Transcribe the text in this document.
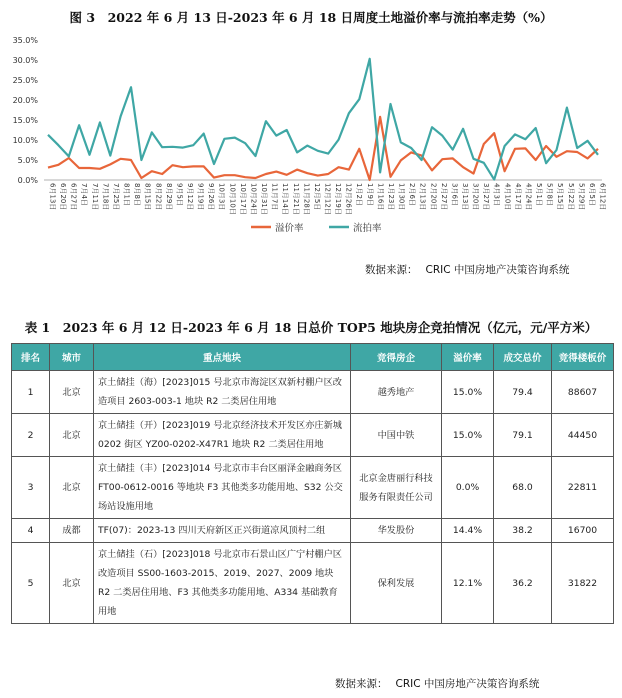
图 3　2022 年 6 月 13 日-2023 年 6 月 18 日周度土地溢价率与流拍率走势（%）
0.0%
5.0%
10.0%
15.0%
20.0%
25.0%
30.0%
35.0%
6月13日 6月20日 6月27日 7月4日 7月11日 7月18日 7月25日 8月1日 8月8日 8月15日 8月22日 8月29日 9月5日 9月12日 9月19日 9月26日 10月3日 10月10日 10月17日 10月24日 10月31日 11月7日 11月14日 11月21日 11月28日 12月5日 12月12日 12月19日 12月26日 1月2日 1月9日 1月16日 1月23日 1月30日 2月6日 2月13日 2月20日 2月27日 3月6日 3月13日 3月20日 3月27日 4月3日 4月10日 4月17日 4月24日 5月1日 5月8日 5月15日 5月22日 5月29日 6月5日 6月12日
溢价率	流拍率
数据来源： CRIC 中国房地产决策咨询系统
表 1　2023 年 6 月 12 日-2023 年 6 月 18 日总价 TOP5 地块房企竞拍情况（亿元，元/平方米）
排名	城市	重点地块	竞得房企	溢价率	成交总价	竞得楼板价
1	北京	京土储挂（海）[2023]015 号北京市海淀区双新村棚户区改造项目 2603-003-1 地块 R2 二类居住用地	越秀地产	15.0%	79.4	88607
2	北京	京土储挂（开）[2023]019 号北京经济技术开发区亦庄新城 0202 街区 YZ00-0202-X47R1 地块 R2 二类居住用地	中国中铁	15.0%	79.1	44450
3	北京	京土储挂（丰）[2023]014 号北京市丰台区丽泽金融商务区 FT00-0612-0016 等地块 F3 其他类多功能用地、S32 公交场站设施用地	北京金唐丽行科技服务有限责任公司	0.0%	68.0	22811
4	成都	TF(07)：2023-13 四川天府新区正兴街道凉风顶村二组	华发股份	14.4%	38.2	16700
5	北京	京土储挂（石）[2023]018 号北京市石景山区广宁村棚户区改造项目 SS00-1603-2015、2019、2027、2009 地块 R2 二类居住用地、F3 其他类多功能用地、A334 基础教育用地	保利发展	12.1%	36.2	31822
数据来源： CRIC 中国房地产决策咨询系统
